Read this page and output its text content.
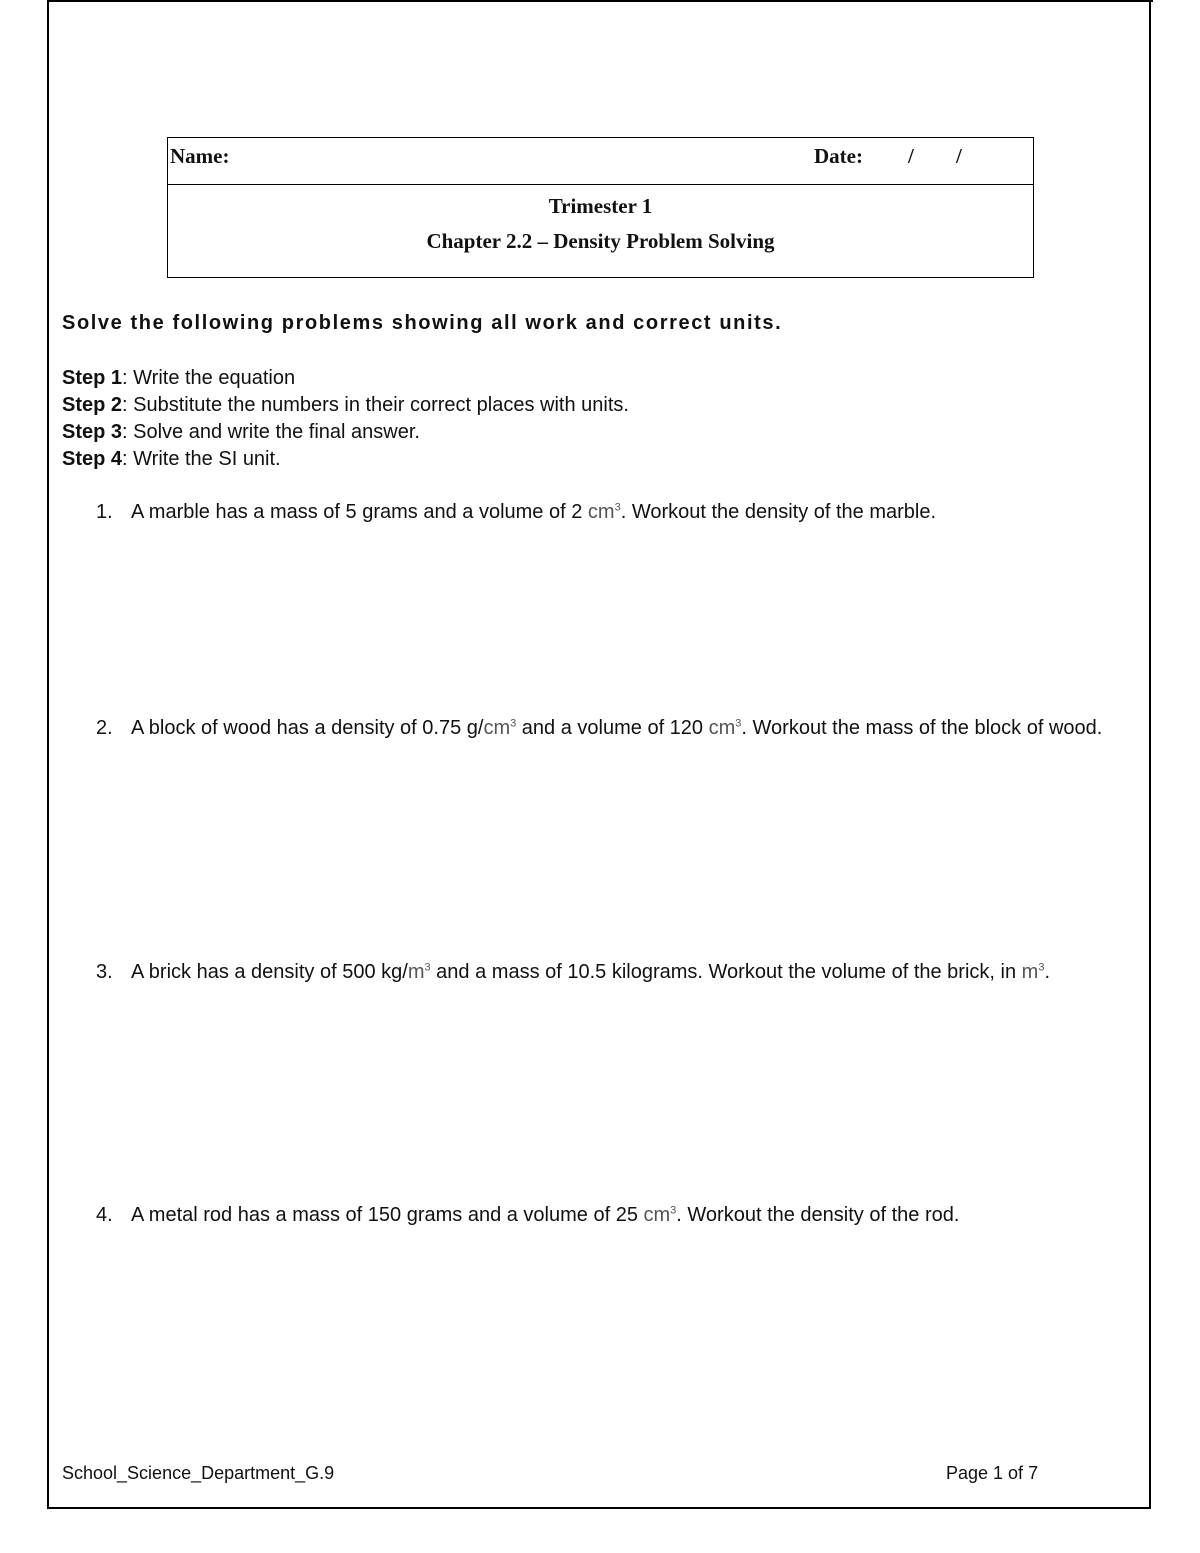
Name:	Date: / /
Trimester 1
Chapter 2.2 – Density Problem Solving
Solve the following problems showing all work and correct units.
Step 1: Write the equation
Step 2: Substitute the numbers in their correct places with units.
Step 3: Solve and write the final answer.
Step 4: Write the SI unit.
1. A marble has a mass of 5 grams and a volume of 2 $cm^3$. Workout the density of the marble.
2. A block of wood has a density of 0.75 $g/cm^3$ and a volume of 120 $cm^3$. Workout the mass of the block of wood.
3. A brick has a density of 500 $kg/m^3$ and a mass of 10.5 kilograms. Workout the volume of the brick, in $m^3$.
4. A metal rod has a mass of 150 grams and a volume of 25 $cm^3$. Workout the density of the rod.
School_Science_Department_G.9	Page 1 of 7
